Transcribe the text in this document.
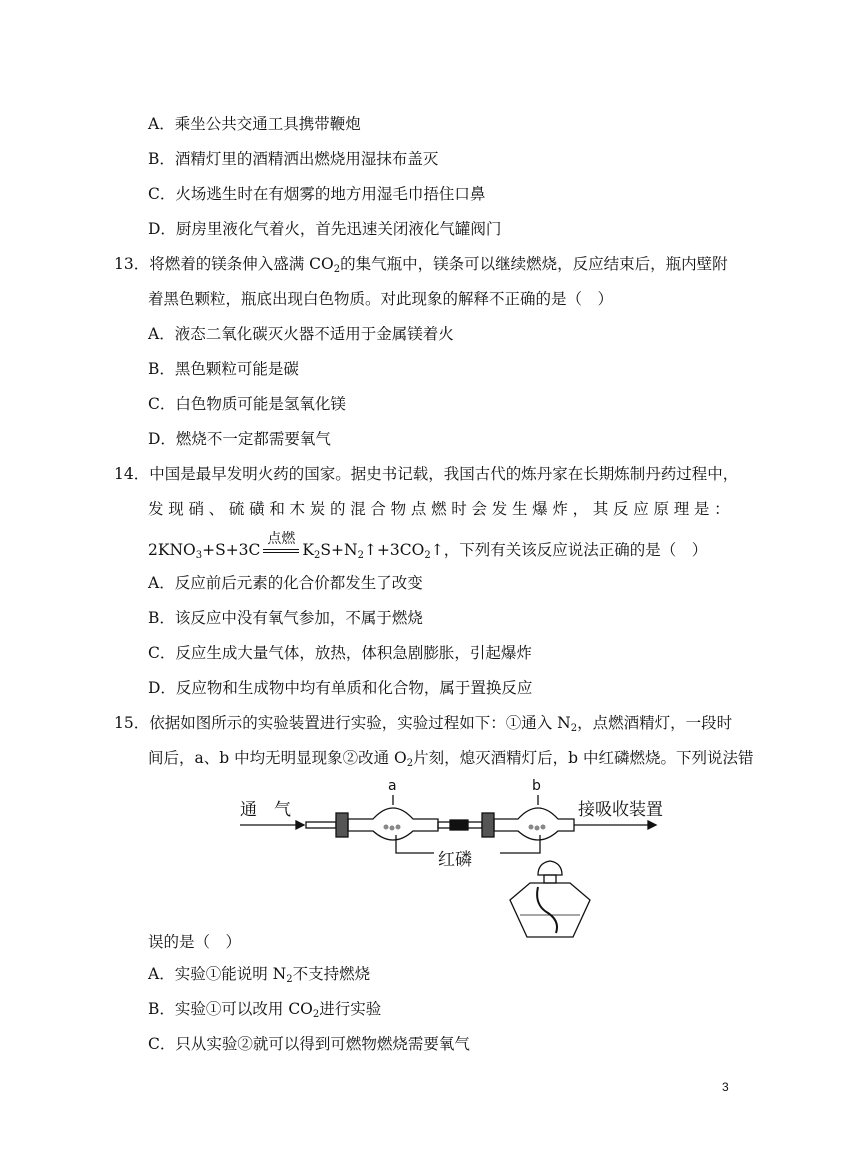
A．乘坐公共交通工具携带鞭炮
B．酒精灯里的酒精洒出燃烧用湿抹布盖灭
C．火场逃生时在有烟雾的地方用湿毛巾捂住口鼻
D．厨房里液化气着火，首先迅速关闭液化气罐阀门
13．将燃着的镁条伸入盛满 $CO_2$的集气瓶中，镁条可以继续燃烧，反应结束后，瓶内壁附
着黑色颗粒，瓶底出现白色物质。对此现象的解释不正确的是（　）
A．液态二氧化碳灭火器不适用于金属镁着火
B．黑色颗粒可能是碳
C．白色物质可能是氢氧化镁
D．燃烧不一定都需要氧气
14．中国是最早发明火药的国家。据史书记载，我国古代的炼丹家在长期炼制丹药过程中，
发 现 硝 、 硫 磺 和 木 炭 的 混 合 物 点 燃 时 会 发 生 爆 炸 ， 其 反 应 原 理 是 ：
$2KNO_3+S+3C$
点燃
$K_2S+N_2↑+3CO_2↑$，下列有关该反应说法正确的是（　）
A．反应前后元素的化合价都发生了改变
B．该反应中没有氧气参加，不属于燃烧
C．反应生成大量气体，放热，体积急剧膨胀，引起爆炸
D．反应物和生成物中均有单质和化合物，属于置换反应
15．依据如图所示的实验装置进行实验，实验过程如下：①通入 $N_2$，点燃酒精灯，一段时
间后，a、b 中均无明显现象②改通 $O_2$片刻，熄灭酒精灯后，b 中红磷燃烧。下列说法错
通　气
a	b
接吸收装置
红磷
误的是（　）
A．实验①能说明 $N_2$不支持燃烧
B．实验①可以改用 $CO_2$进行实验
C．只从实验②就可以得到可燃物燃烧需要氧气
3
